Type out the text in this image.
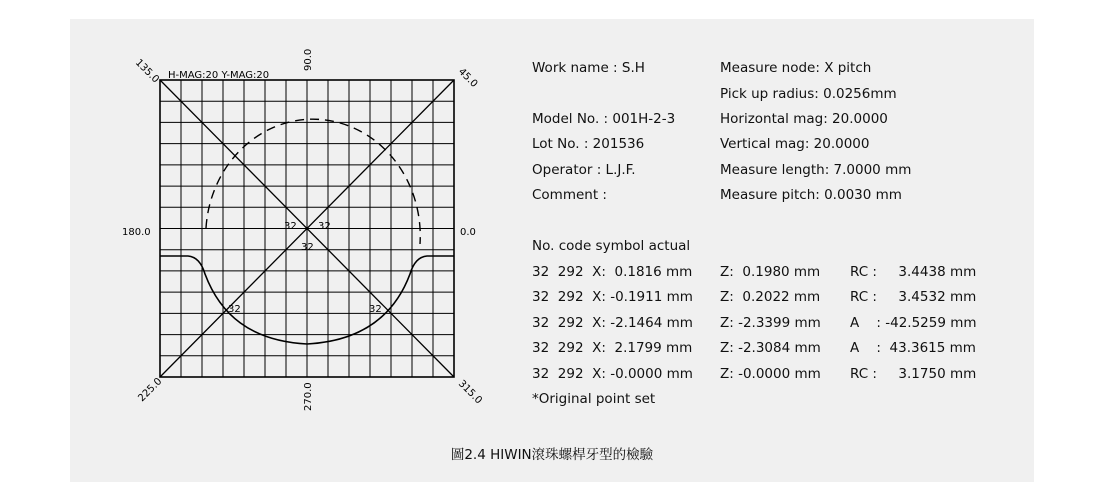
H-MAG:20 Y-MAG:20
90.0
45.0
135.0
180.0	0.0
225.0	270.0	315.0
32 32
32
32	32
Work name : S.H
Model No. : 001H-2-3
Lot No. : 201536
Operator : L.J.F.
Comment :
Measure node: X pitch
Pick up radius: 0.0256mm
Horizontal mag: 20.0000
Vertical mag: 20.0000
Measure length: 7.0000 mm
Measure pitch: 0.0030 mm
No. code symbol actual
32  292  X:  0.1816 mm Z:  0.1980 mm RC :     3.4438 mm
32  292  X: -0.1911 mm Z:  0.2022 mm RC :     3.4532 mm
32  292  X: -2.1464 mm Z: -2.3399 mm A    : -42.5259 mm
32  292  X:  2.1799 mm Z: -2.3084 mm A    :  43.3615 mm
32  292  X: -0.0000 mm Z: -0.0000 mm RC :     3.1750 mm
*Original point set
圖2.4 HIWIN滾珠螺桿牙型的檢驗
